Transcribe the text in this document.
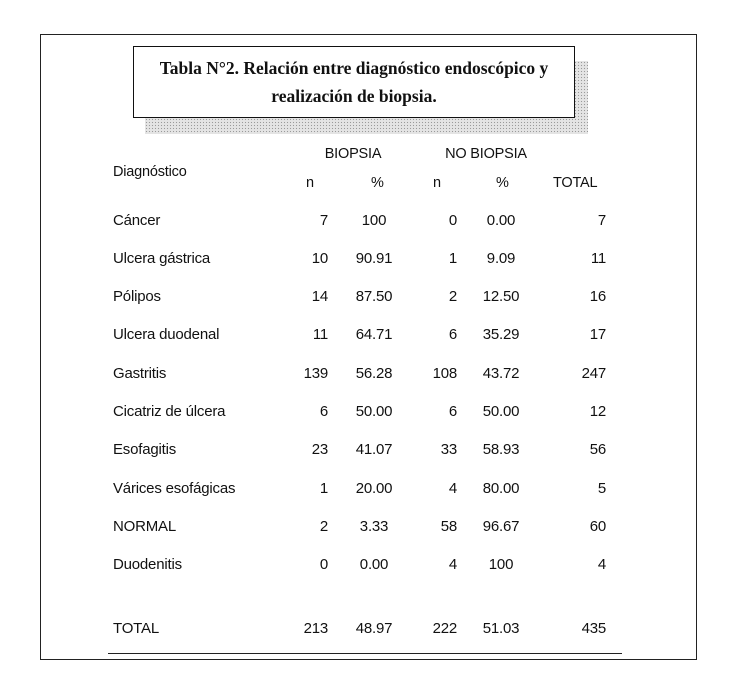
Tabla N°2. Relación entre diagnóstico endoscópico y
realización de biopsia.
Diagnóstico
BIOPSIA	NO BIOPSIA
n	%	n	%	TOTAL
Cáncer	7	100	0	0.00	7
Ulcera gástrica	10	90.91	1	9.09	11
Pólipos	14	87.50	2	12.50	16
Ulcera duodenal	11	64.71	6	35.29	17
Gastritis	139	56.28	108	43.72	247
Cicatriz de úlcera	6	50.00	6	50.00	12
Esofagitis	23	41.07	33	58.93	56
Várices esofágicas	1	20.00	4	80.00	5
NORMAL	2	3.33	58	96.67	60
Duodenitis	0	0.00	4	100	4
TOTAL	213	48.97	222	51.03	435
